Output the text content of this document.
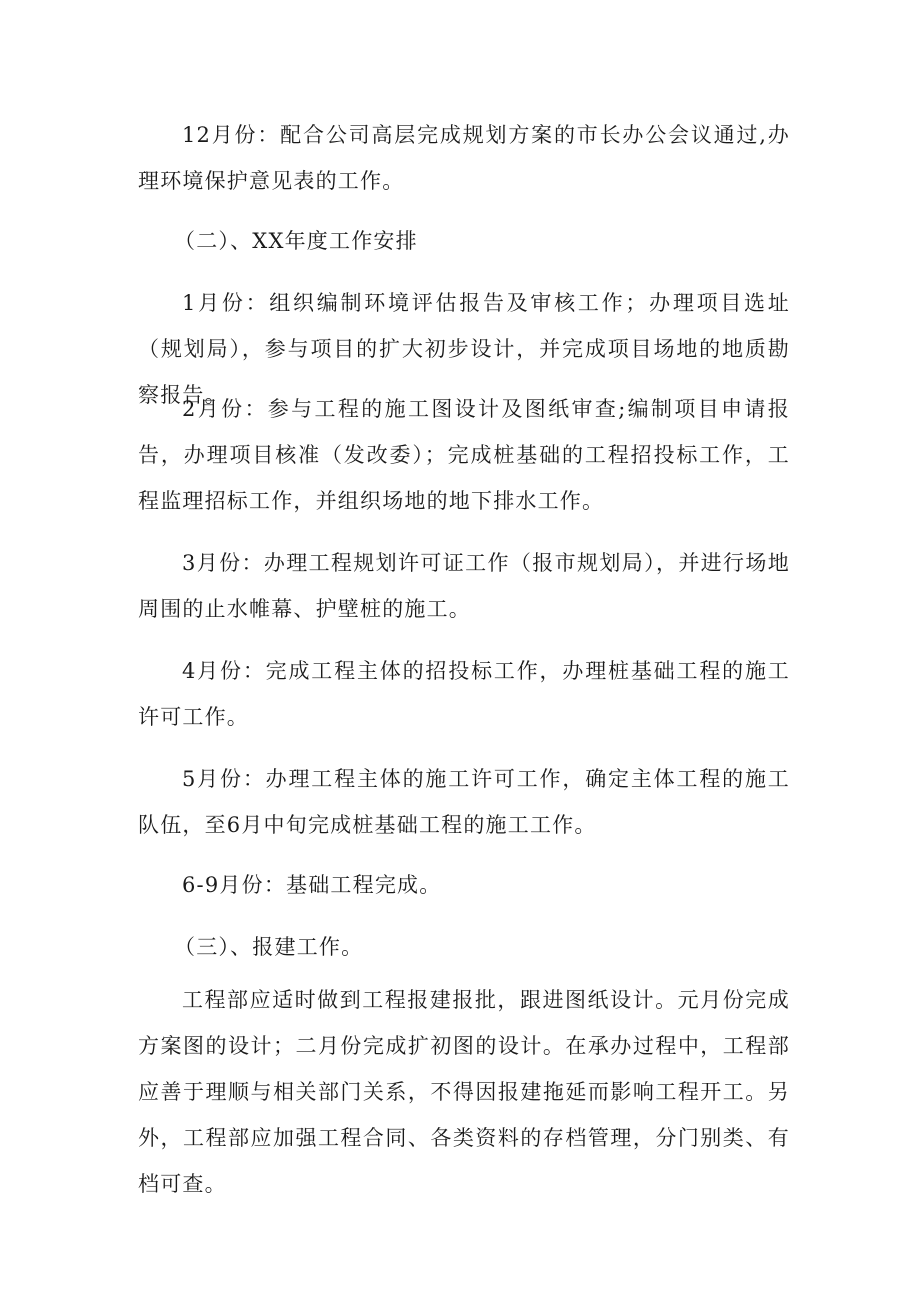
12月份：配合公司高层完成规划方案的市长办公会议通过,办理环境保护意见表的工作。

（二）、XX年度工作安排

1月份：组织编制环境评估报告及审核工作；办理项目选址（规划局），参与项目的扩大初步设计，并完成项目场地的地质勘察报告。

2月份：参与工程的施工图设计及图纸审查;编制项目申请报告，办理项目核准（发改委）；完成桩基础的工程招投标工作，工程监理招标工作，并组织场地的地下排水工作。

3月份：办理工程规划许可证工作（报市规划局），并进行场地周围的止水帷幕、护壁桩的施工。

4月份：完成工程主体的招投标工作，办理桩基础工程的施工许可工作。

5月份：办理工程主体的施工许可工作，确定主体工程的施工队伍，至6月中旬完成桩基础工程的施工工作。

6-9月份：基础工程完成。

（三）、报建工作。

工程部应适时做到工程报建报批，跟进图纸设计。元月份完成方案图的设计；二月份完成扩初图的设计。在承办过程中，工程部应善于理顺与相关部门关系，不得因报建拖延而影响工程开工。另外，工程部应加强工程合同、各类资料的存档管理，分门别类、有档可查。
